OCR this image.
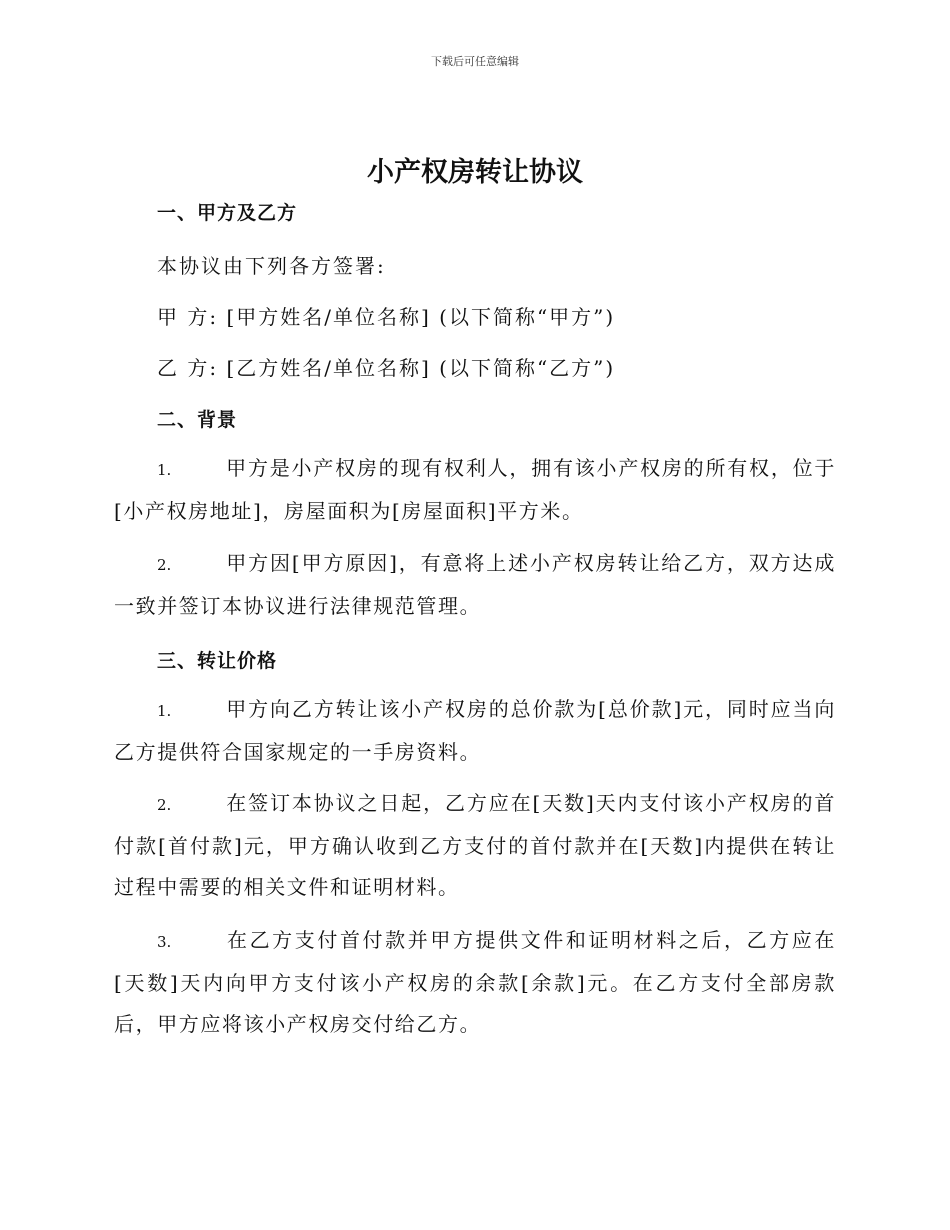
下载后可任意编辑
小产权房转让协议
一、甲方及乙方

本协议由下列各方签署:

甲 方: [甲方姓名/单位名称] (以下简称“甲方”)

乙 方: [乙方姓名/单位名称] (以下简称“乙方”)

二、背景

1.	甲方是小产权房的现有权利人，拥有该小产权房的所有权，位于[小产权房地址]，房屋面积为[房屋面积]平方米。

2.	甲方因[甲方原因]，有意将上述小产权房转让给乙方，双方达成一致并签订本协议进行法律规范管理。

三、转让价格

1.	甲方向乙方转让该小产权房的总价款为[总价款]元，同时应当向乙方提供符合国家规定的一手房资料。

2.	在签订本协议之日起，乙方应在[天数]天内支付该小产权房的首付款[首付款]元，甲方确认收到乙方支付的首付款并在[天数]内提供在转让过程中需要的相关文件和证明材料。

3.	在乙方支付首付款并甲方提供文件和证明材料之后，乙方应在[天数]天内向甲方支付该小产权房的余款[余款]元。在乙方支付全部房款后，甲方应将该小产权房交付给乙方。
